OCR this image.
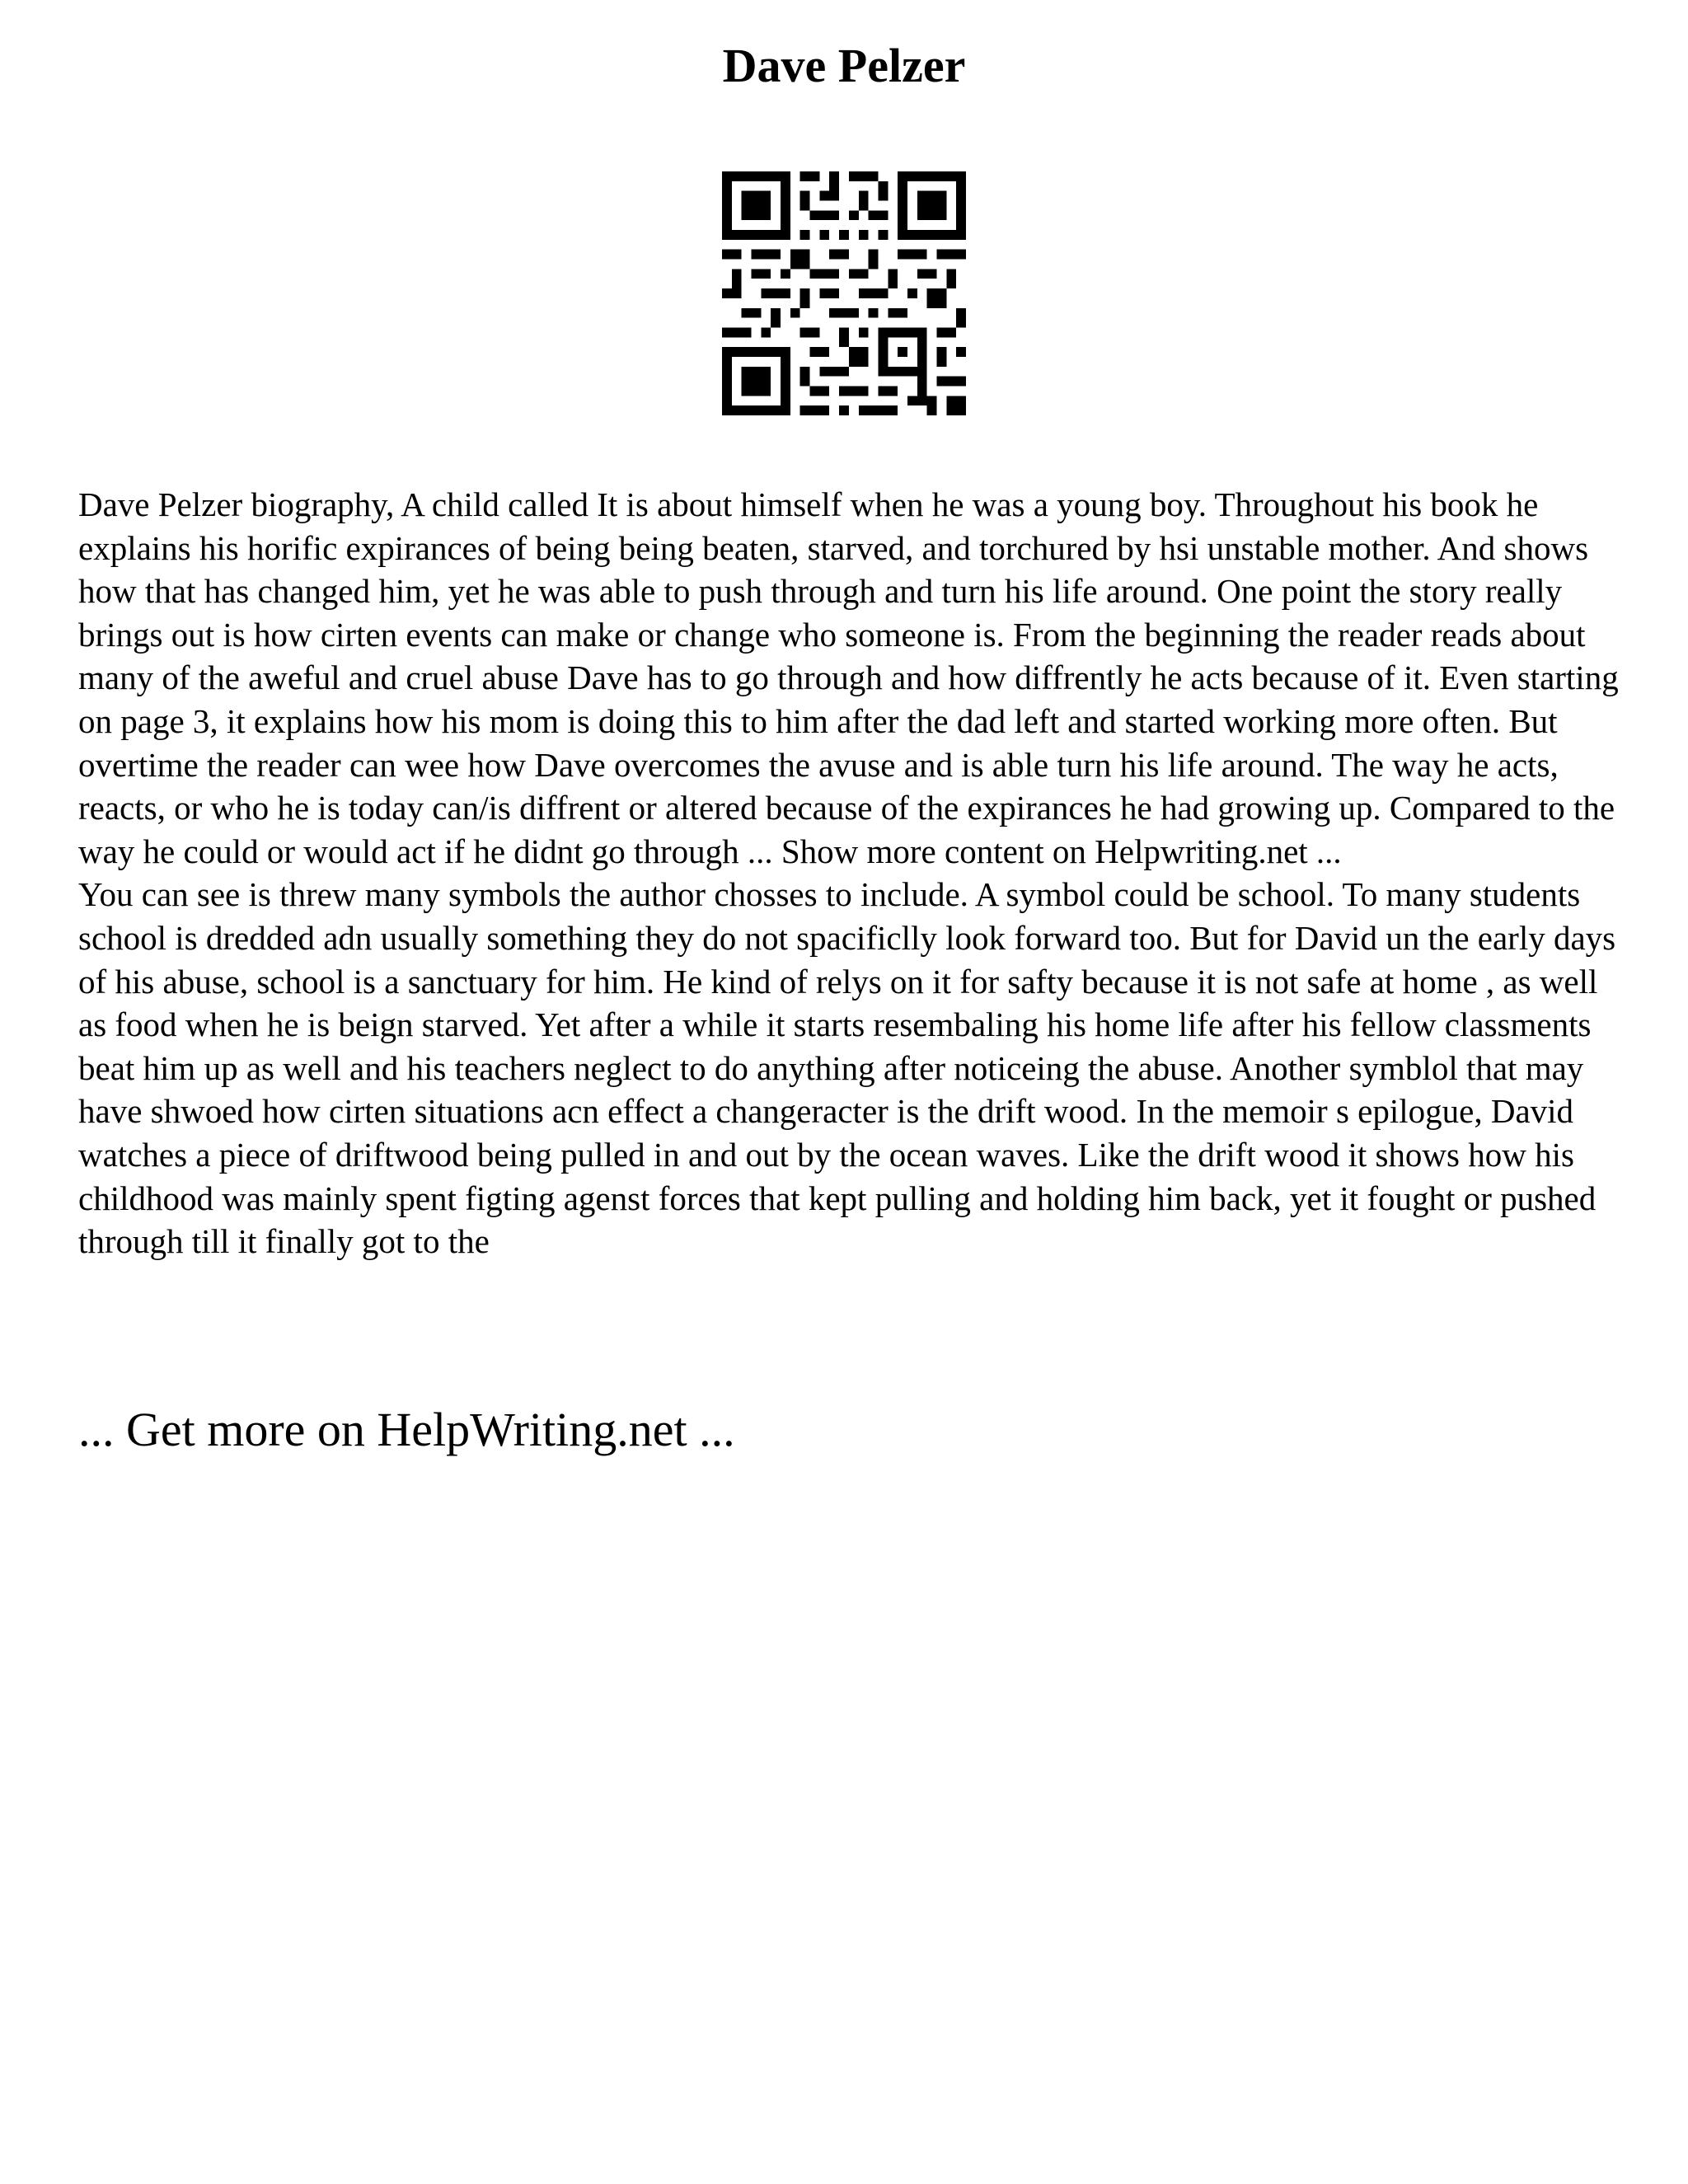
Dave Pelzer

Dave Pelzer biography, A child called It is about himself when he was a young boy. Throughout his book he explains his horific expirances of being being beaten, starved, and torchured by hsi unstable mother. And shows how that has changed him, yet he was able to push through and turn his life around. One point the story really brings out is how cirten events can make or change who someone is. From the beginning the reader reads about many of the aweful and cruel abuse Dave has to go through and how diffrently he acts because of it. Even starting on page 3, it explains how his mom is doing this to him after the dad left and started working more often. But overtime the reader can wee how Dave overcomes the avuse and is able turn his life around. The way he acts, reacts, or who he is today can/is diffrent or altered because of the expirances he had growing up. Compared to the way he could or would act if he didnt go through ... Show more content on Helpwriting.net ...

You can see is threw many symbols the author chosses to include. A symbol could be school. To many students school is dredded adn usually something they do not spacificlly look forward too. But for David un the early days of his abuse, school is a sanctuary for him. He kind of relys on it for safty because it is not safe at home , as well as food when he is beign starved. Yet after a while it starts resembaling his home life after his fellow classments beat him up as well and his teachers neglect to do anything after noticeing the abuse. Another symblol that may have shwoed how cirten situations acn effect a changeracter is the drift wood. In the memoir s epilogue, David watches a piece of driftwood being pulled in and out by the ocean waves. Like the drift wood it shows how his childhood was mainly spent figting agenst forces that kept pulling and holding him back, yet it fought or pushed through till it finally got to the

... Get more on HelpWriting.net ...
